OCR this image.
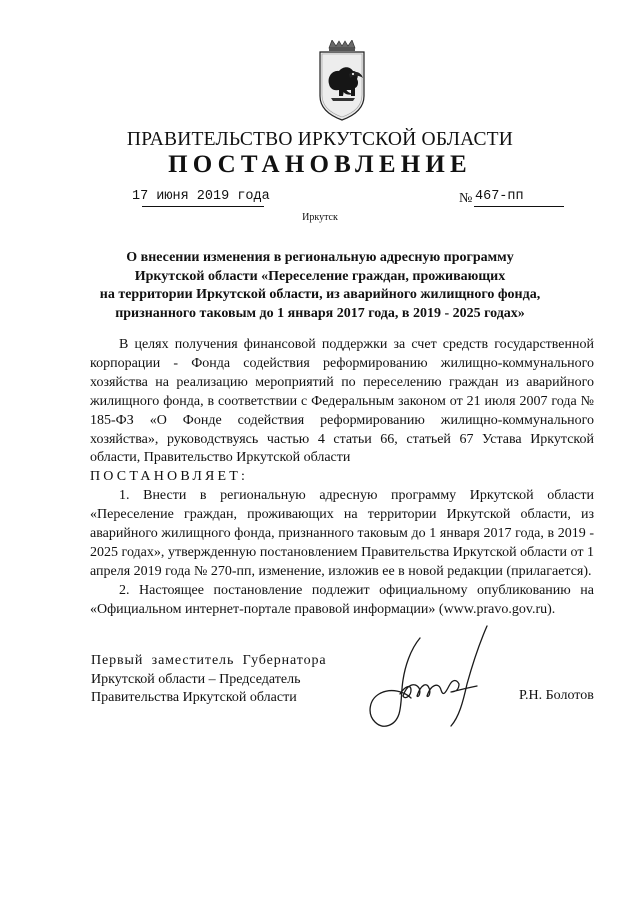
ПРАВИТЕЛЬСТВО ИРКУТСКОЙ ОБЛАСТИ
ПОСТАНОВЛЕНИЕ
17 июня 2019 года	№ 467-пп
Иркутск
О внесении изменения в региональную адресную программу
Иркутской области «Переселение граждан, проживающих
на территории Иркутской области, из аварийного жилищного фонда,
признанного таковым до 1 января 2017 года, в 2019 - 2025 годах»

В целях получения финансовой поддержки за счет средств государственной корпорации - Фонда содействия реформированию жилищно-коммунального хозяйства на реализацию мероприятий по переселению граждан из аварийного жилищного фонда, в соответствии с Федеральным законом от 21 июля 2007 года № 185-ФЗ «О Фонде содействия реформированию жилищно-коммунального хозяйства», руководствуясь частью 4 статьи 66, статьей 67 Устава Иркутской области, Правительство Иркутской области

ПОСТАНОВЛЯЕТ:

1. Внести в региональную адресную программу Иркутской области «Переселение граждан, проживающих на территории Иркутской области, из аварийного жилищного фонда, признанного таковым до 1 января 2017 года, в 2019 - 2025 годах», утвержденную постановлением Правительства Иркутской области от 1 апреля 2019 года № 270-пп, изменение, изложив ее в новой редакции (прилагается).

2. Настоящее постановление подлежит официальному опубликованию на «Официальном интернет-портале правовой информации» (www.pravo.gov.ru).

Первый заместитель Губернатора
Иркутской области – Председатель
Правительства Иркутской области	Р.Н. Болотов
